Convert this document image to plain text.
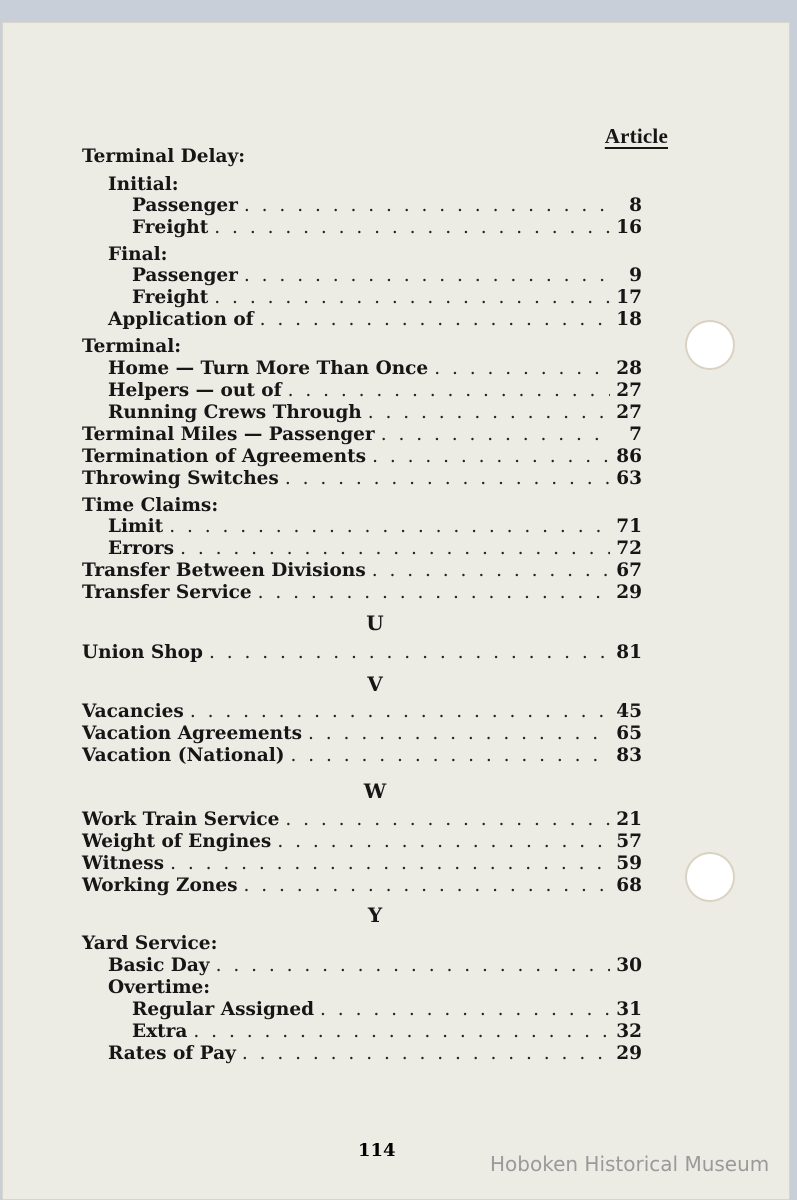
Article
Terminal Delay:
Initial:
Passenger . . .	8
Freight . . .	16
Final:
Passenger . . .	9
Freight . . .	17
Application of . . .	18
Terminal:
Home — Turn More Than Once . . .	28
Helpers — out of . . .	27
Running Crews Through . . .	27
Terminal Miles — Passenger . . .	7
Termination of Agreements . . .	86
Throwing Switches . . .	63
Time Claims:
Limit . . .	71
Errors . . .	72
Transfer Between Divisions . . .	67
Transfer Service . . .	29
U
Union Shop . . .	81
V
Vacancies . . .	45
Vacation Agreements . . .	65
Vacation (National) . . .	83
W
Work Train Service . . .	21
Weight of Engines . . .	57
Witness . . .	59
Working Zones . . .	68
Y
Yard Service:
Basic Day . . .	30
Overtime:
Regular Assigned . . .	31
Extra . . .	32
Rates of Pay . . .	29
114
Hoboken Historical Museum
